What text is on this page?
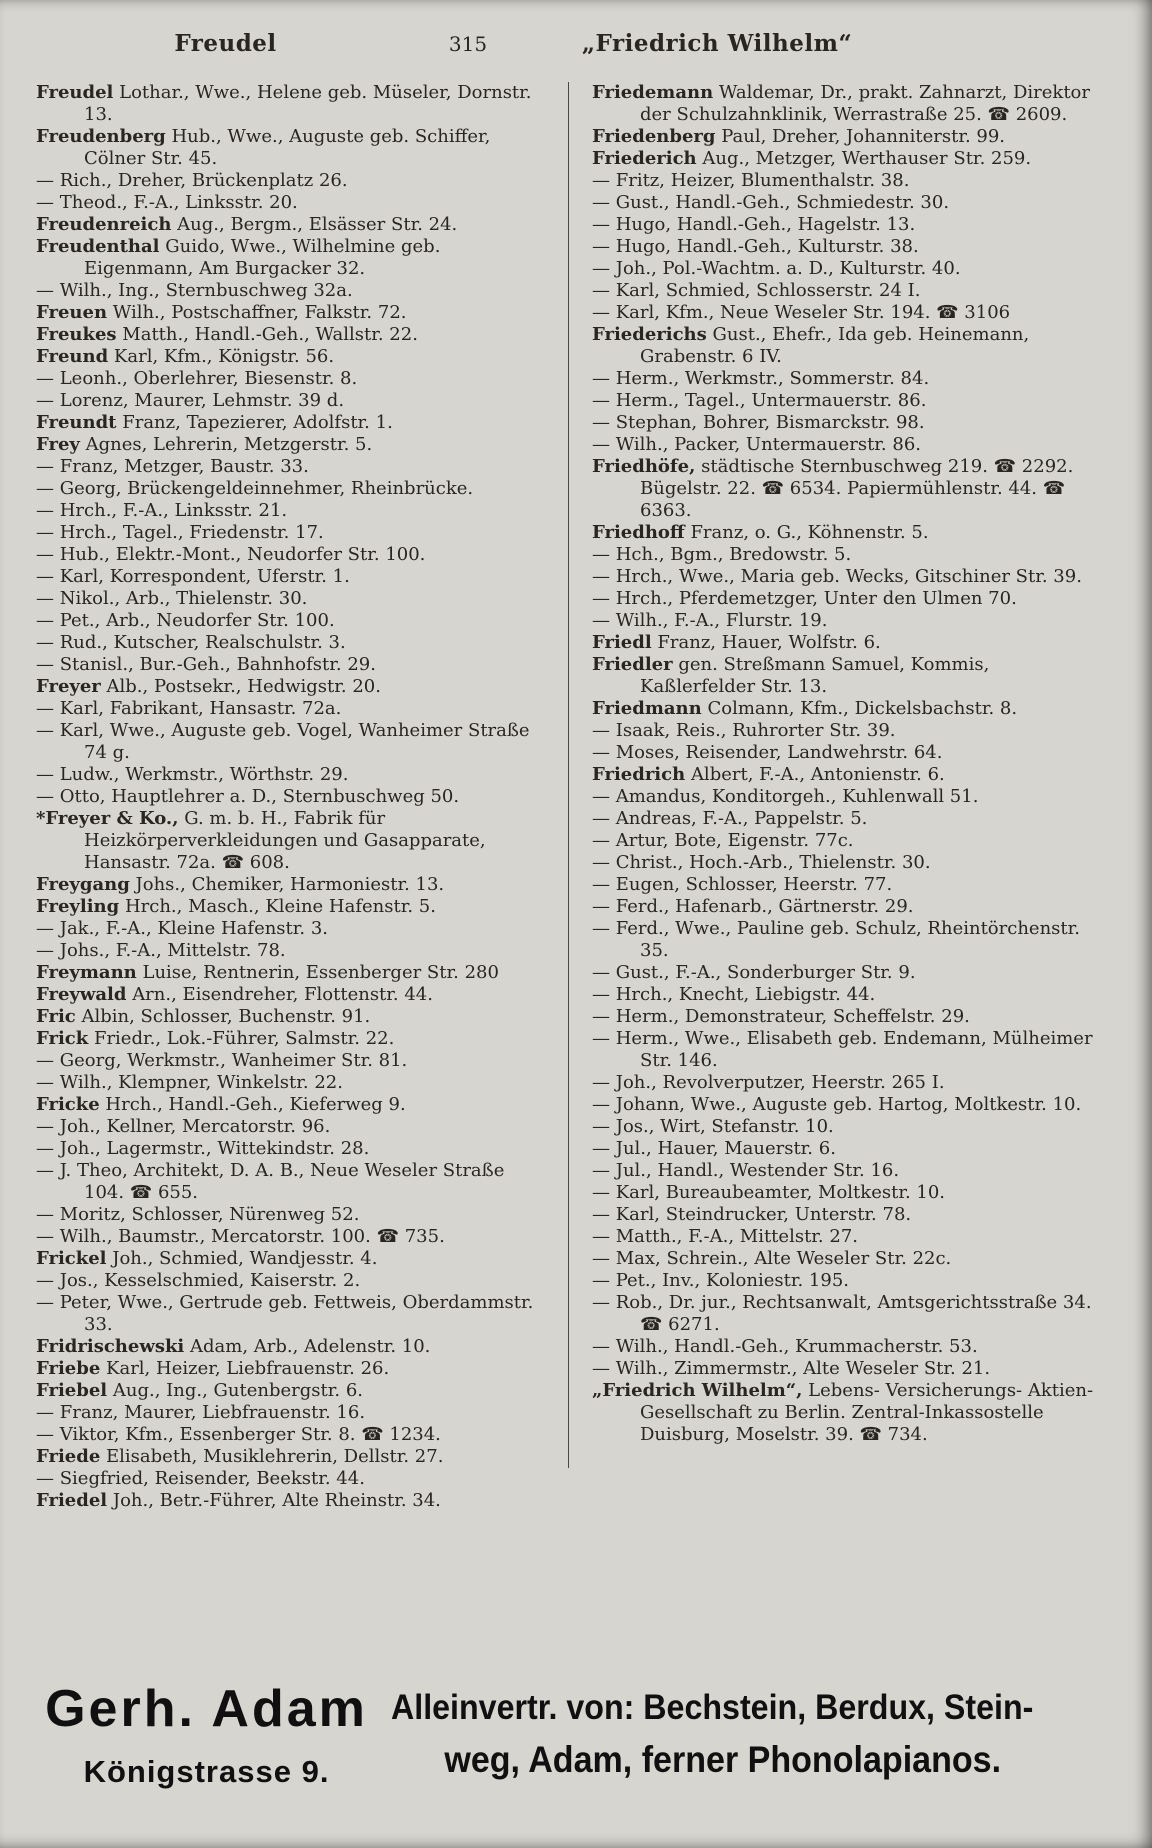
Freudel	315	„Friedrich Wilhelm“

Freudel Lothar., Wwe., Helene geb. Müseler, Dornstr. 13.

Freudenberg Hub., Wwe., Auguste geb. Schiffer, Cölner Str. 45.

— Rich., Dreher, Brückenplatz 26.

— Theod., F.-A., Linksstr. 20.

Freudenreich Aug., Bergm., Elsässer Str. 24.

Freudenthal Guido, Wwe., Wilhelmine geb. Eigenmann, Am Burgacker 32.

— Wilh., Ing., Sternbuschweg 32a.

Freuen Wilh., Postschaffner, Falkstr. 72.

Freukes Matth., Handl.-Geh., Wallstr. 22.

Freund Karl, Kfm., Königstr. 56.

— Leonh., Oberlehrer, Biesenstr. 8.

— Lorenz, Maurer, Lehmstr. 39 d.

Freundt Franz, Tapezierer, Adolfstr. 1.

Frey Agnes, Lehrerin, Metzgerstr. 5.

— Franz, Metzger, Baustr. 33.

— Georg, Brückengeldeinnehmer, Rheinbrücke.

— Hrch., F.-A., Linksstr. 21.

— Hrch., Tagel., Friedenstr. 17.

— Hub., Elektr.-Mont., Neudorfer Str. 100.

— Karl, Korrespondent, Uferstr. 1.

— Nikol., Arb., Thielenstr. 30.

— Pet., Arb., Neudorfer Str. 100.

— Rud., Kutscher, Realschulstr. 3.

— Stanisl., Bur.-Geh., Bahnhofstr. 29.

Freyer Alb., Postsekr., Hedwigstr. 20.

— Karl, Fabrikant, Hansastr. 72a.

— Karl, Wwe., Auguste geb. Vogel, Wanheimer Straße 74 g.

— Ludw., Werkmstr., Wörthstr. 29.

— Otto, Hauptlehrer a. D., Sternbuschweg 50.

*Freyer & Ko., G. m. b. H., Fabrik für Heizkörperverkleidungen und Gasapparate, Hansastr. 72a. ☎ 608.

Freygang Johs., Chemiker, Harmoniestr. 13.

Freyling Hrch., Masch., Kleine Hafenstr. 5.

— Jak., F.-A., Kleine Hafenstr. 3.

— Johs., F.-A., Mittelstr. 78.

Freymann Luise, Rentnerin, Essenberger Str. 280

Freywald Arn., Eisendreher, Flottenstr. 44.

Fric Albin, Schlosser, Buchenstr. 91.

Frick Friedr., Lok.-Führer, Salmstr. 22.

— Georg, Werkmstr., Wanheimer Str. 81.

— Wilh., Klempner, Winkelstr. 22.

Fricke Hrch., Handl.-Geh., Kieferweg 9.

— Joh., Kellner, Mercatorstr. 96.

— Joh., Lagermstr., Wittekindstr. 28.

— J. Theo, Architekt, D. A. B., Neue Weseler Straße 104. ☎ 655.

— Moritz, Schlosser, Nürenweg 52.

— Wilh., Baumstr., Mercatorstr. 100. ☎ 735.

Frickel Joh., Schmied, Wandjesstr. 4.

— Jos., Kesselschmied, Kaiserstr. 2.

— Peter, Wwe., Gertrude geb. Fettweis, Oberdammstr. 33.

Fridrischewski Adam, Arb., Adelenstr. 10.

Friebe Karl, Heizer, Liebfrauenstr. 26.

Friebel Aug., Ing., Gutenbergstr. 6.

— Franz, Maurer, Liebfrauenstr. 16.

— Viktor, Kfm., Essenberger Str. 8. ☎ 1234.

Friede Elisabeth, Musiklehrerin, Dellstr. 27.

— Siegfried, Reisender, Beekstr. 44.

Friedel Joh., Betr.-Führer, Alte Rheinstr. 34.

Friedemann Waldemar, Dr., prakt. Zahnarzt, Direktor der Schulzahnklinik, Werrastraße 25. ☎ 2609.

Friedenberg Paul, Dreher, Johanniterstr. 99.

Friederich Aug., Metzger, Werthauser Str. 259.

— Fritz, Heizer, Blumenthalstr. 38.

— Gust., Handl.-Geh., Schmiedestr. 30.

— Hugo, Handl.-Geh., Hagelstr. 13.

— Hugo, Handl.-Geh., Kulturstr. 38.

— Joh., Pol.-Wachtm. a. D., Kulturstr. 40.

— Karl, Schmied, Schlosserstr. 24 I.

— Karl, Kfm., Neue Weseler Str. 194. ☎ 3106

Friederichs Gust., Ehefr., Ida geb. Heinemann, Grabenstr. 6 IV.

— Herm., Werkmstr., Sommerstr. 84.

— Herm., Tagel., Untermauerstr. 86.

— Stephan, Bohrer, Bismarckstr. 98.

— Wilh., Packer, Untermauerstr. 86.

Friedhöfe, städtische Sternbuschweg 219. ☎ 2292. Bügelstr. 22. ☎ 6534. Papiermühlenstr. 44. ☎ 6363.

Friedhoff Franz, o. G., Köhnenstr. 5.

— Hch., Bgm., Bredowstr. 5.

— Hrch., Wwe., Maria geb. Wecks, Gitschiner Str. 39.

— Hrch., Pferdemetzger, Unter den Ulmen 70.

— Wilh., F.-A., Flurstr. 19.

Friedl Franz, Hauer, Wolfstr. 6.

Friedler gen. Streßmann Samuel, Kommis, Kaßlerfelder Str. 13.

Friedmann Colmann, Kfm., Dickelsbachstr. 8.

— Isaak, Reis., Ruhrorter Str. 39.

— Moses, Reisender, Landwehrstr. 64.

Friedrich Albert, F.-A., Antonienstr. 6.

— Amandus, Konditorgeh., Kuhlenwall 51.

— Andreas, F.-A., Pappelstr. 5.

— Artur, Bote, Eigenstr. 77c.

— Christ., Hoch.-Arb., Thielenstr. 30.

— Eugen, Schlosser, Heerstr. 77.

— Ferd., Hafenarb., Gärtnerstr. 29.

— Ferd., Wwe., Pauline geb. Schulz, Rheintörchenstr. 35.

— Gust., F.-A., Sonderburger Str. 9.

— Hrch., Knecht, Liebigstr. 44.

— Herm., Demonstrateur, Scheffelstr. 29.

— Herm., Wwe., Elisabeth geb. Endemann, Mülheimer Str. 146.

— Joh., Revolverputzer, Heerstr. 265 I.

— Johann, Wwe., Auguste geb. Hartog, Moltkestr. 10.

— Jos., Wirt, Stefanstr. 10.

— Jul., Hauer, Mauerstr. 6.

— Jul., Handl., Westender Str. 16.

— Karl, Bureaubeamter, Moltkestr. 10.

— Karl, Steindrucker, Unterstr. 78.

— Matth., F.-A., Mittelstr. 27.

— Max, Schrein., Alte Weseler Str. 22c.

— Pet., Inv., Koloniestr. 195.

— Rob., Dr. jur., Rechtsanwalt, Amtsgerichtsstraße 34. ☎ 6271.

— Wilh., Handl.-Geh., Krummacherstr. 53.

— Wilh., Zimmermstr., Alte Weseler Str. 21.

„Friedrich Wilhelm“, Lebens- Versicherungs- Aktien-Gesellschaft zu Berlin. Zentral-Inkassostelle Duisburg, Moselstr. 39. ☎ 734.

Gerh. Adam
Königstrasse 9.
Alleinvertr. von: Bechstein, Berdux, Stein-
weg, Adam, ferner Phonolapianos.
